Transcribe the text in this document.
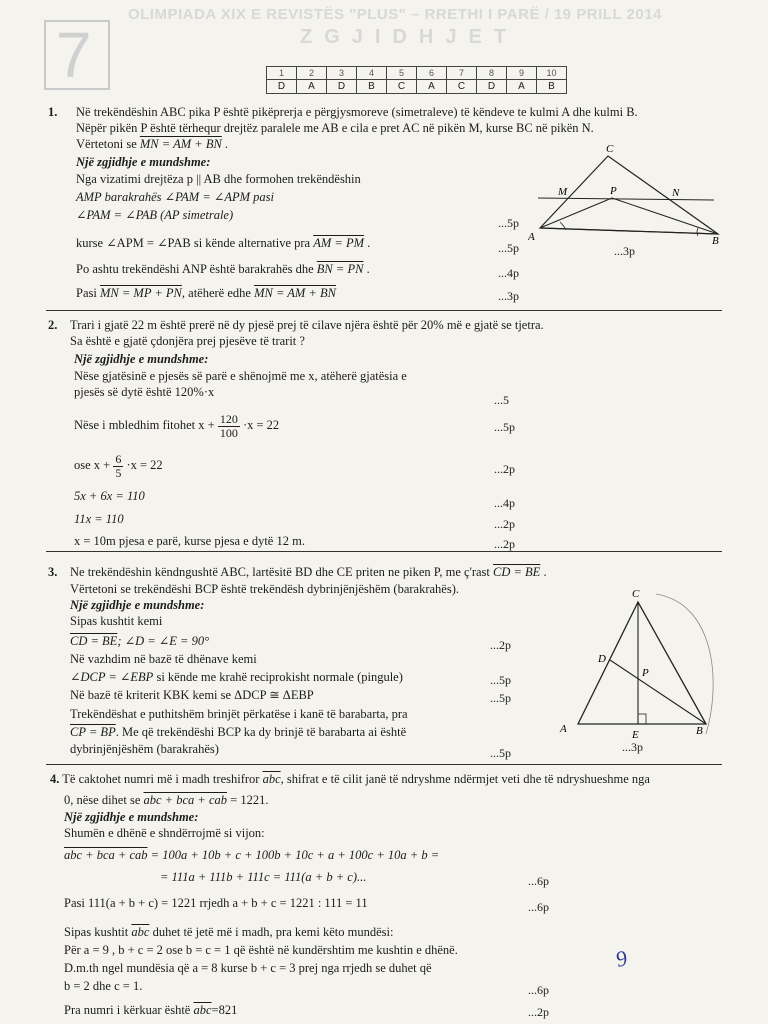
7
OLIMPIADA XIX E REVISTËS "PLUS" – RRETHI I PARË / 19 PRILL 2014
ZGJIDHJET
1	2	3	4	5	6	7	8	9	10
D	A	D	B	C	A	C	D	A	B
1. Në trekëndëshin ABC pika P është pikëprerja e përgjysmoreve (simetraleve) të këndeve te kulmi A dhe kulmi B.
Nëpër pikën P është tërhequr drejtëz paralele me AB e cila e pret AC në pikën M, kurse BC në pikën N.
Vërtetoni se MN = AM + BN .
Një zgjidhje e mundshme:
Nga vizatimi drejtëza p || AB dhe formohen trekëndëshin
AMP barakrahës ∠PAM = ∠APM pasi
∠PAM = ∠PAB (AP simetrale)
...5p
kurse ∠APM = ∠PAB si kënde alternative pra AM = PM .	...5p
Po ashtu trekëndëshi ANP është barakrahës dhe BN = PN .	...4p
Pasi MN = MP + PN, atëherë edhe MN = AM + BN	...3p
C
M	P	N
A	B
...3p
2. Trari i gjatë 22 m është prerë në dy pjesë prej të cilave njëra është për 20% më e gjatë se tjetra.
Sa është e gjatë çdonjëra prej pjesëve të trarit ?
Një zgjidhje e mundshme:
Nëse gjatësinë e pjesës së parë e shënojmë me x, atëherë gjatësia e
pjesës së dytë është 120%·x
...5
Nëse i mbledhim fitohet $x + \frac{120}{100} \cdot x = 22$	...5p
ose $x + \frac{6}{5} \cdot x = 22$	...2p
5x + 6x = 110	...4p
11x = 110	...2p
x = 10m pjesa e parë, kurse pjesa e dytë 12 m.	...2p
3. Ne trekëndëshin këndngushtë ABC, lartësitë BD dhe CE priten ne piken P, me ç'rast CD = BE .
Vërtetoni se trekëndëshi BCP është trekëndësh dybrinjënjëshëm (barakrahës).
Një zgjidhje e mundshme:
Sipas kushtit kemi
CD = BE; ∠D = ∠E = 90°	...2p
Në vazhdim në bazë të dhënave kemi
∠DCP = ∠EBP si kënde me krahë reciprokisht normale (pingule)	...5p
Në bazë të kriterit KBK kemi se ΔDCP ≅ ΔEBP	...5p
Trekëndëshat e puthitshëm brinjët përkatëse i kanë të barabarta, pra
CP = BP. Me që trekëndëshi BCP ka dy brinjë të barabarta ai është
dybrinjënjëshëm (barakrahës)	...5p
C
D
P
A	E	B
...3p
4. Të caktohet numri më i madh treshifror $\overline{abc}$, shifrat e të cilit janë të ndryshme ndërmjet veti dhe të ndryshueshme nga
0, nëse dihet se abc + bca + cab = 1221.
Një zgjidhje e mundshme:
Shumën e dhënë e shndërrojmë si vijon:
abc + bca + cab = 100a + 10b + c + 100b + 10c + a + 100c + 10a + b =
= 111a + 111b + 111c = 111(a + b + c)...	...6p
Pasi 111(a + b + c) = 1221 rrjedh a + b + c = 1221 : 111 = 11	...6p
Sipas kushtit $\overline{abc}$ duhet të jetë më i madh, pra kemi këto mundësi:
Për a = 9 , b + c = 2 ose b = c = 1 që është në kundërshtim me kushtin e dhënë.
D.m.th ngel mundësia që a = 8 kurse b + c = 3 prej nga rrjedh se duhet që
b = 2 dhe c = 1.	...6p
Pra numri i kërkuar është $\overline{abc}=821$	...2p
9
